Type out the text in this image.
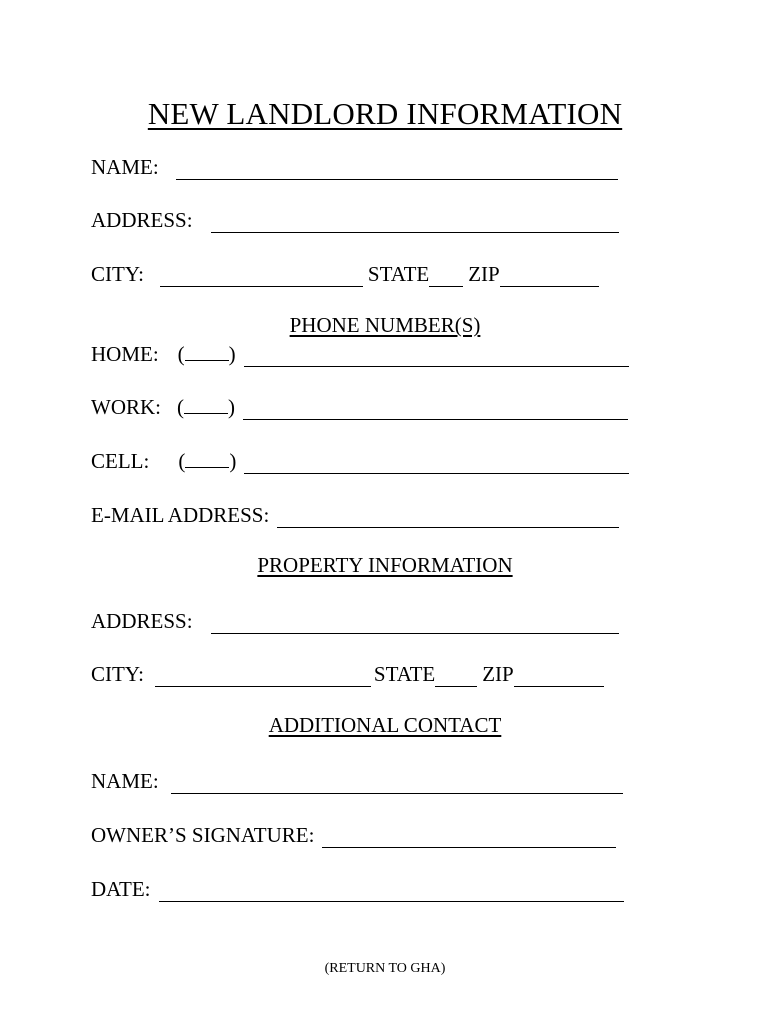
NEW LANDLORD INFORMATION
NAME:
ADDRESS:
CITY:	STATE ZIP
PHONE NUMBER(S)
HOME: ( )
WORK: ( )
CELL: ( )
E-MAIL ADDRESS:
PROPERTY INFORMATION
ADDRESS:
CITY:	STATE ZIP
ADDITIONAL CONTACT
NAME:
OWNER’S SIGNATURE:
DATE:
(RETURN TO GHA)
